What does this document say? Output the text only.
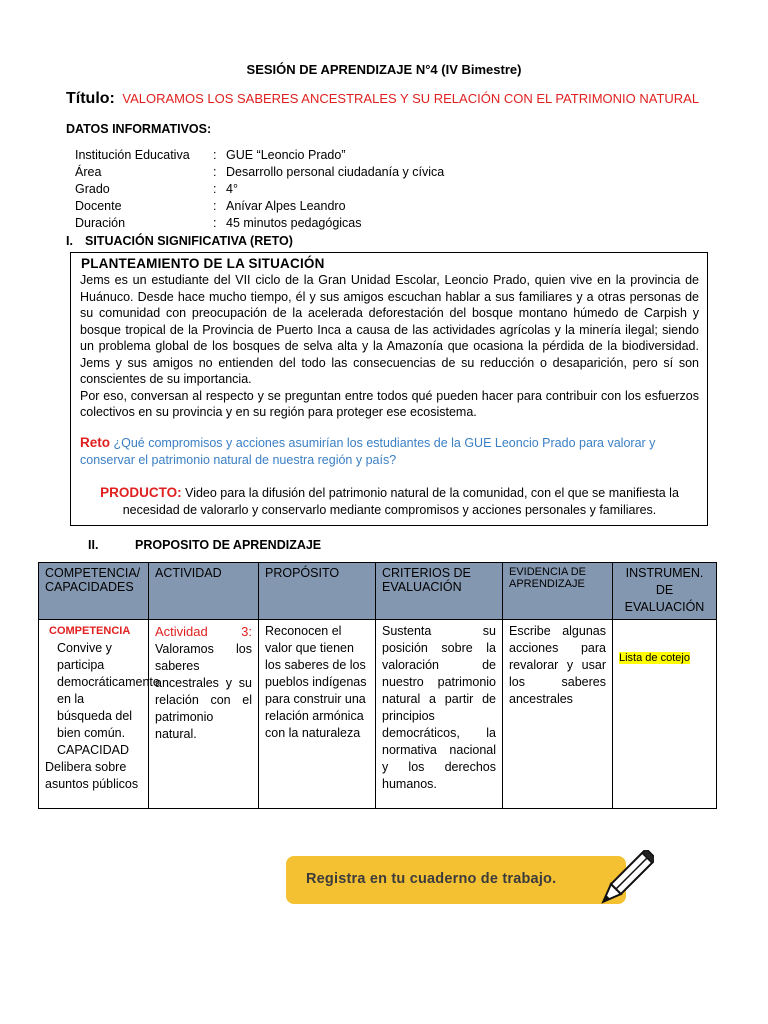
SESIÓN DE APRENDIZAJE N°4 (IV Bimestre)
Título: VALORAMOS LOS SABERES ANCESTRALES Y SU RELACIÓN CON EL PATRIMONIO NATURAL
DATOS INFORMATIVOS:
Institución Educativa	: GUE “Leoncio Prado”
Área	: Desarrollo personal ciudadanía y cívica
Grado	: 4°
Docente	: Anívar Alpes Leandro
Duración	: 45 minutos pedagógicas
I. SITUACIÓN SIGNIFICATIVA (RETO)
PLANTEAMIENTO DE LA SITUACIÓN

Jems es un estudiante del VII ciclo de la Gran Unidad Escolar, Leoncio Prado, quien vive en la provincia de Huánuco. Desde hace mucho tiempo, él y sus amigos escuchan hablar a sus familiares y a otras personas de su comunidad con preocupación de la acelerada deforestación del bosque montano húmedo de Carpish y bosque tropical de la Provincia de Puerto Inca a causa de las actividades agrícolas y la minería ilegal; siendo un problema global de los bosques de selva alta y la Amazonía que ocasiona la pérdida de la biodiversidad. Jems y sus amigos no entienden del todo las consecuencias de su reducción o desaparición, pero sí son conscientes de su importancia.

Por eso, conversan al respecto y se preguntan entre todos qué pueden hacer para contribuir con los esfuerzos colectivos en su provincia y en su región para proteger ese ecosistema.

Reto ¿Qué compromisos y acciones asumirían los estudiantes de la GUE Leoncio Prado para valorar y conservar el patrimonio natural de nuestra región y país?
PRODUCTO: Video para la difusión del patrimonio natural de la comunidad, con el que se manifiesta la necesidad de valorarlo y conservarlo mediante compromisos y acciones personales y familiares.
II.	PROPOSITO DE APRENDIZAJE
COMPETENCIA/ CAPACIDADES	ACTIVIDAD	PROPÓSITO	CRITERIOS DE EVALUACIÓN	EVIDENCIA DE APRENDIZAJE	INSTRUMEN. DE EVALUACIÓN

COMPETENCIA
Convive y participa democráticamente en la búsqueda del bien común.
CAPACIDAD
Delibera sobre asuntos públicos	Actividad 3: Valoramos los saberes ancestrales y su relación con el patrimonio natural.	Reconocen el valor que tienen los saberes de los pueblos indígenas para construir una relación armónica con la naturaleza	Sustenta su posición sobre la valoración de nuestro patrimonio natural a partir de principios democráticos, la normativa nacional y los derechos humanos.	Escribe algunas acciones para revalorar y usar los saberes ancestrales	Lista de cotejo
Registra en tu cuaderno de trabajo.
